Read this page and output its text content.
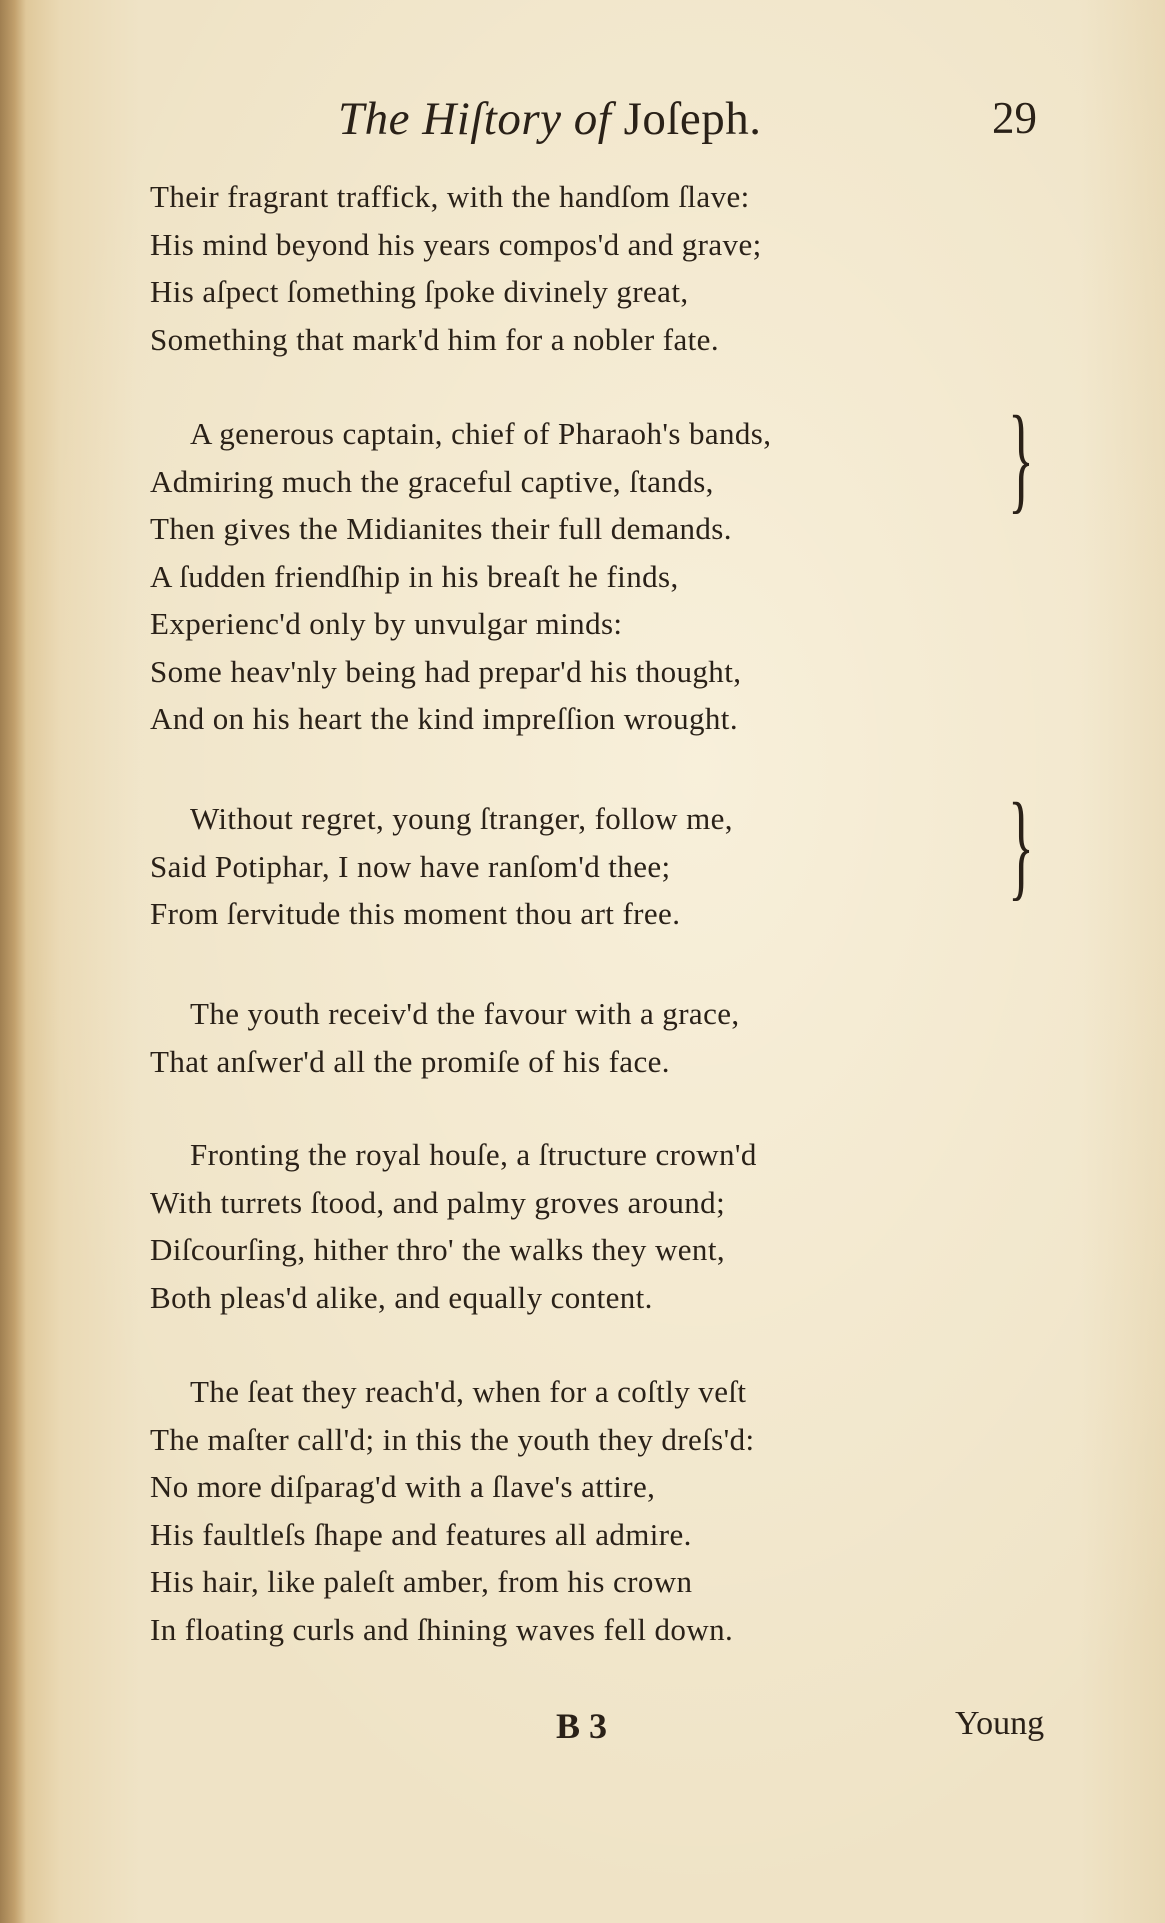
The Hiſtory of Joſeph.	29
Their fragrant traffick, with the handſom ſlave:
His mind beyond his years compos'd and grave;
His aſpect ſomething ſpoke divinely great,
Something that mark'd him for a nobler fate.
A generous captain, chief of Pharaoh's bands,
Admiring much the graceful captive, ſtands,
Then gives the Midianites their full demands.
A ſudden friendſhip in his breaſt he finds,
Experienc'd only by unvulgar minds:
Some heav'nly being had prepar'd his thought,
And on his heart the kind impreſſion wrought.
}
Without regret, young ſtranger, follow me,
Said Potiphar, I now have ranſom'd thee;
From ſervitude this moment thou art free.
}
The youth receiv'd the favour with a grace,
That anſwer'd all the promiſe of his face.
Fronting the royal houſe, a ſtructure crown'd
With turrets ſtood, and palmy groves around;
Diſcourſing, hither thro' the walks they went,
Both pleas'd alike, and equally content.
The ſeat they reach'd, when for a coſtly veſt
The maſter call'd; in this the youth they dreſs'd:
No more diſparag'd with a ſlave's attire,
His faultleſs ſhape and features all admire.
His hair, like paleſt amber, from his crown
In floating curls and ſhining waves fell down.
B 3	Young
